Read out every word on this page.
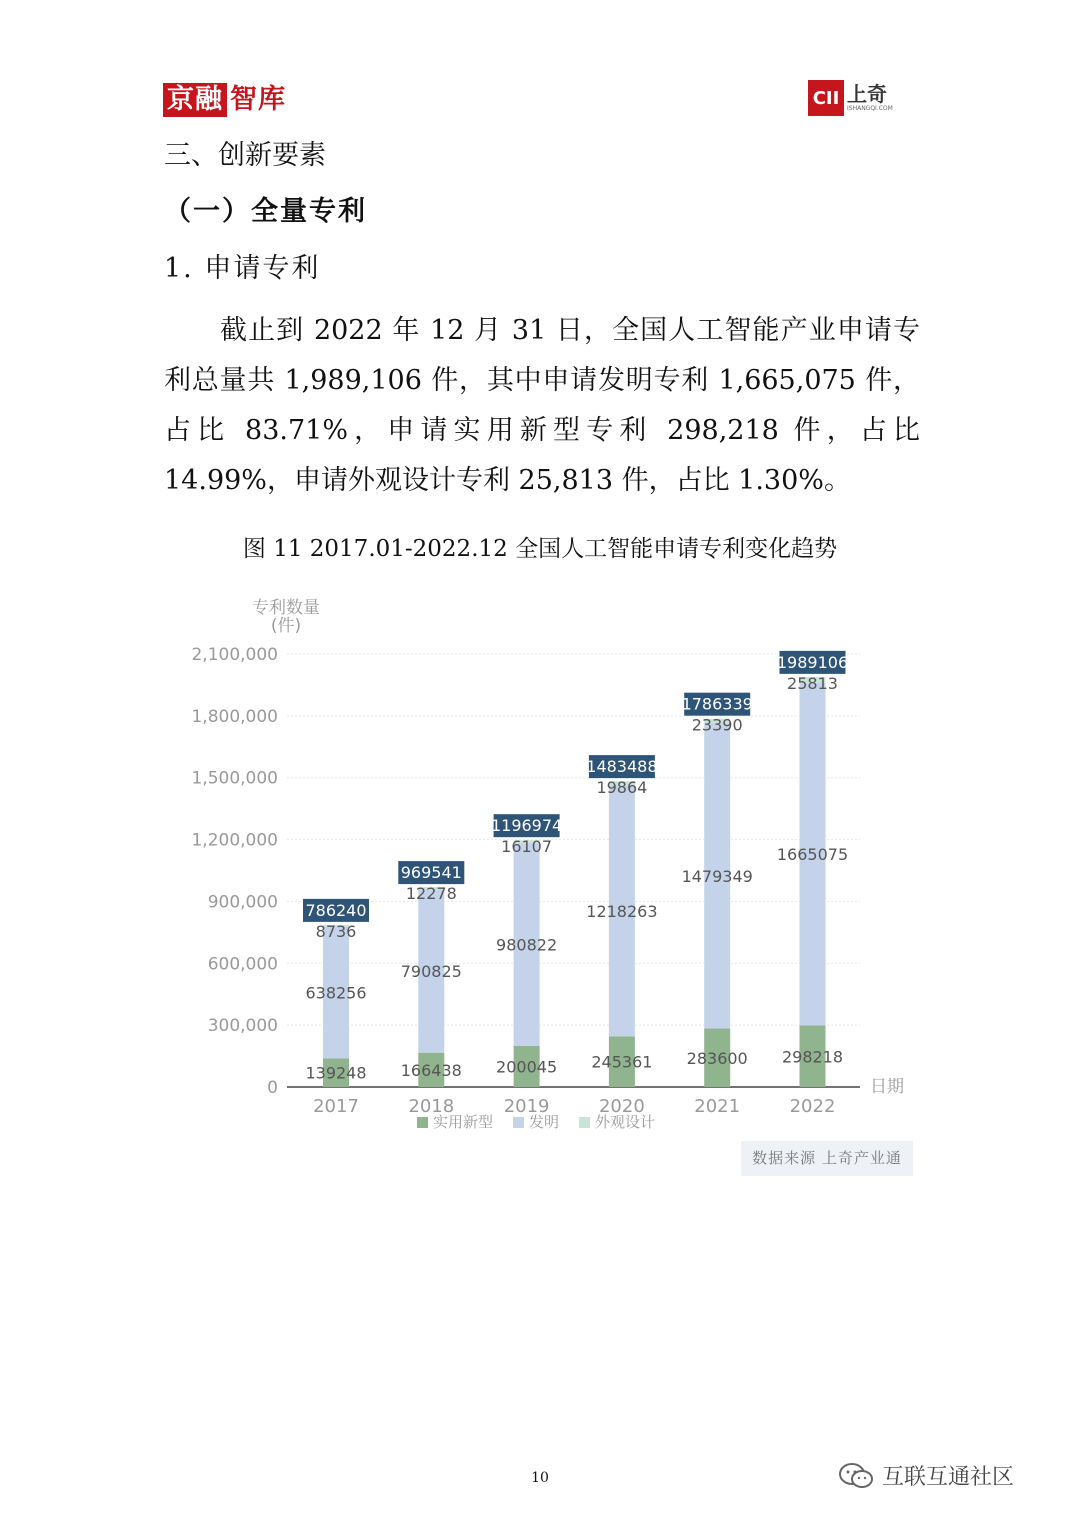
京融 智库	CII 上奇
ISHANGQI.COM
三、创新要素
（一）全量专利
1. 申请专利
截止到 2022 年 12 月 31 日，全国人工智能产业申请专利总量共 1,989,106 件，其中申请发明专利 1,665,075 件，占比 83.71%，申请实用新型专利 298,218 件，占比 14.99%，申请外观设计专利 25,813 件，占比 1.30%。
图 11 2017.01-2022.12 全国人工智能申请专利变化趋势
专利数量
(件)
0
300,000
600,000
900,000
1,200,000
1,500,000
1,800,000
2,100,000
日期
139248
638256
8736
786240
2017
166438
790825
12278
969541
2018
200045
980822
16107
1196974
2019
245361
1218263
19864
1483488
2020
283600
1479349
23390
1786339
2021
298218
1665075
25813
1989106
2022
实用新型 发明 外观设计
数据来源 上奇产业通
10	互联互通社区
